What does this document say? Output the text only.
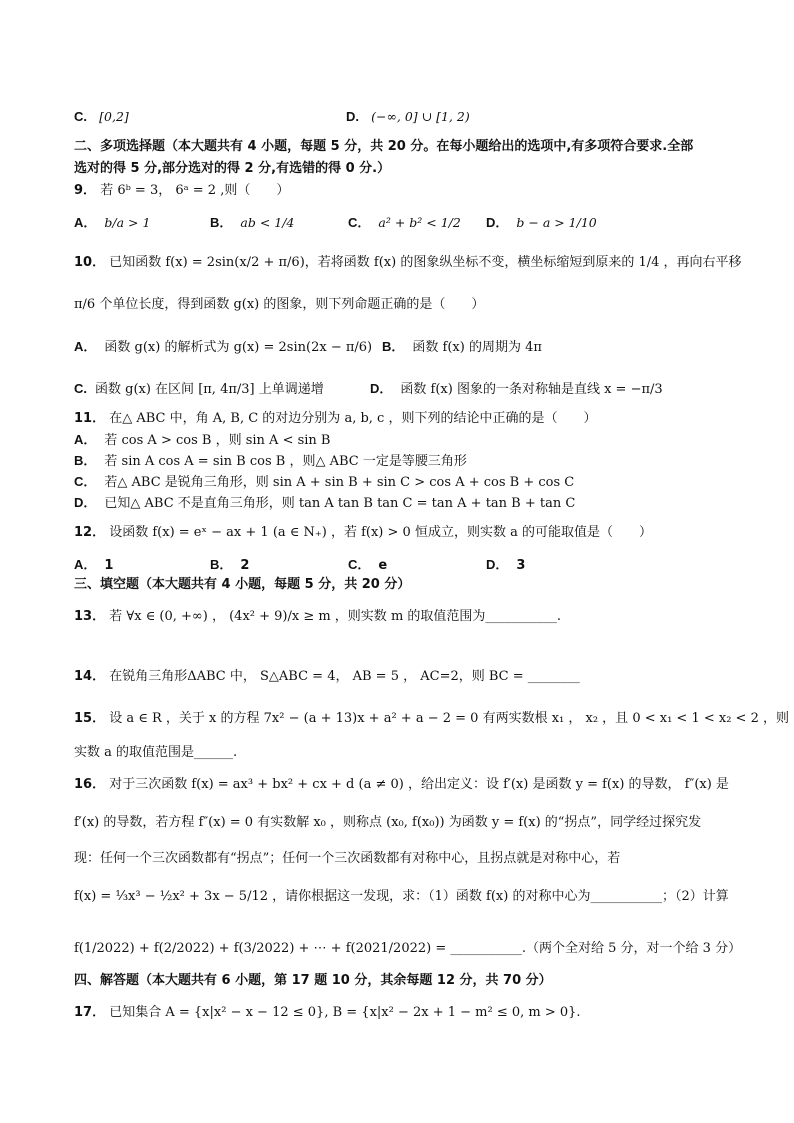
C. [0,2]	D. (−∞, 0] ∪ [1, 2)
二、多项选择题（本大题共有 4 小题，每题 5 分，共 20 分。在每小题给出的选项中,有多项符合要求.全部
选对的得 5 分,部分选对的得 2 分,有选错的得 0 分.）
9． 若 6ᵇ = 3， 6ᵃ = 2 ,则（　　）
A． b/a > 1	B． ab < 1/4	C． a² + b² < 1/2 D． b − a > 1/10
10． 已知函数 f(x) = 2sin(x/2 + π/6)，若将函数 f(x) 的图象纵坐标不变，横坐标缩短到原来的 1/4 ，再向右平移
π/6 个单位长度，得到函数 g(x) 的图象，则下列命题正确的是（　　）
A． 函数 g(x) 的解析式为 g(x) = 2sin(2x − π/6) B． 函数 f(x) 的周期为 4π
C. 函数 g(x) 在区间 [π, 4π/3] 上单调递增	D． 函数 f(x) 图象的一条对称轴是直线 x = −π/3
11． 在△ ABC 中，角 A, B, C 的对边分别为 a, b, c ，则下列的结论中正确的是（　　）
A． 若 cos A > cos B ，则 sin A < sin B
B． 若 sin A cos A = sin B cos B ，则△ ABC 一定是等腰三角形
C． 若△ ABC 是锐角三角形，则 sin A + sin B + sin C > cos A + cos B + cos C
D． 已知△ ABC 不是直角三角形，则 tan A tan B tan C = tan A + tan B + tan C
12． 设函数 f(x) = eˣ − ax + 1 (a ∈ N₊) ，若 f(x) > 0 恒成立，则实数 a 的可能取值是（　　）
A． 1	B． 2	C． e	D． 3
三、填空题（本大题共有 4 小题，每题 5 分，共 20 分）
13． 若 ∀x ∈ (0, +∞) ， (4x² + 9)/x ≥ m ，则实数 m 的取值范围为___________.
14． 在锐角三角形ΔABC 中， S△ABC = 4， AB = 5 ， AC=2，则 BC = ________
15． 设 a ∈ R ，关于 x 的方程 7x² − (a + 13)x + a² + a − 2 = 0 有两实数根 x₁ ， x₂ ，且 0 < x₁ < 1 < x₂ < 2 ，则
实数 a 的取值范围是______.
16． 对于三次函数 f(x) = ax³ + bx² + cx + d (a ≠ 0) ，给出定义：设 f′(x) 是函数 y = f(x) 的导数， f″(x) 是
f′(x) 的导数，若方程 f″(x) = 0 有实数解 x₀ ，则称点 (x₀, f(x₀)) 为函数 y = f(x) 的“拐点”，同学经过探究发
现：任何一个三次函数都有“拐点”；任何一个三次函数都有对称中心，且拐点就是对称中心，若
f(x) = ⅓x³ − ½x² + 3x − 5/12 ，请你根据这一发现，求：（1）函数 f(x) 的对称中心为___________；（2）计算
f(1/2022) + f(2/2022) + f(3/2022) + ⋯ + f(2021/2022) = ___________.（两个全对给 5 分，对一个给 3 分）
四、解答题（本大题共有 6 小题，第 17 题 10 分，其余每题 12 分，共 70 分）
17． 已知集合 A = {x|x² − x − 12 ≤ 0}, B = {x|x² − 2x + 1 − m² ≤ 0, m > 0}.
